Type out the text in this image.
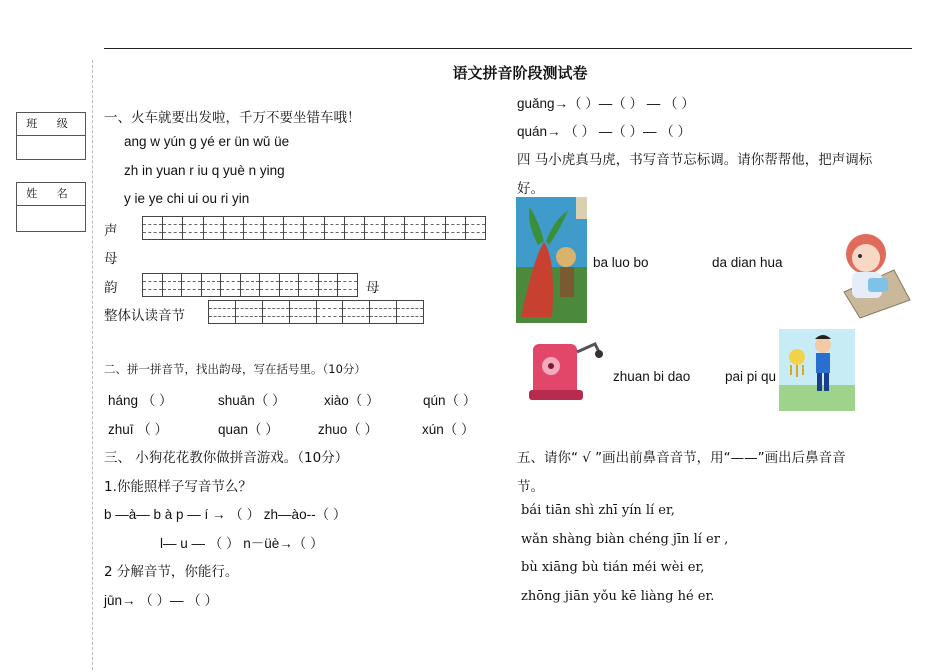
语文拼音阶段测试卷
班 级
姓 名
一、火车就要出发啦，千万不要坐错车哦！
ang w yún g yé er ün wǔ üe
zh in yuan r iu q yuè n ying
y ie ye chi ui ou ri yin
声
母
韵	母
整体认读音节
二、拼一拼音节，找出韵母，写在括号里。（10分）
háng （ ）	shuān（ ）	xiào（ ）	qún（ ）
zhuī （ ）	quan（ ）	zhuo（ ）	xún（ ）
三、 小狗花花教你做拼音游戏。（10分）
1.你能照样子写音节么？
b —à— b à p — í → （ ） zh—ào--（ ）
l— u — （ ） n－üè→（ ）
2 分解音节，你能行。
jūn→ （ ）— （ ）
guǎng→（ ）—（ ） — （ ）
quán→ （ ） —（ ）— （ ）
四 马小虎真马虎，书写音节忘标调。请你帮帮他，把声调标
好。
ba luo bo	da dian hua
zhuan bi dao	pai pi qu
五、请你“ √ ”画出前鼻音音节，用“——”画出后鼻音音
节。
bái tiān shì zhī yín lí er,
wǎn shàng biàn chéng jīn lí er ,
bù xiāng bù tián méi wèi er,
zhōng jiān yǒu kē liàng hé er.
